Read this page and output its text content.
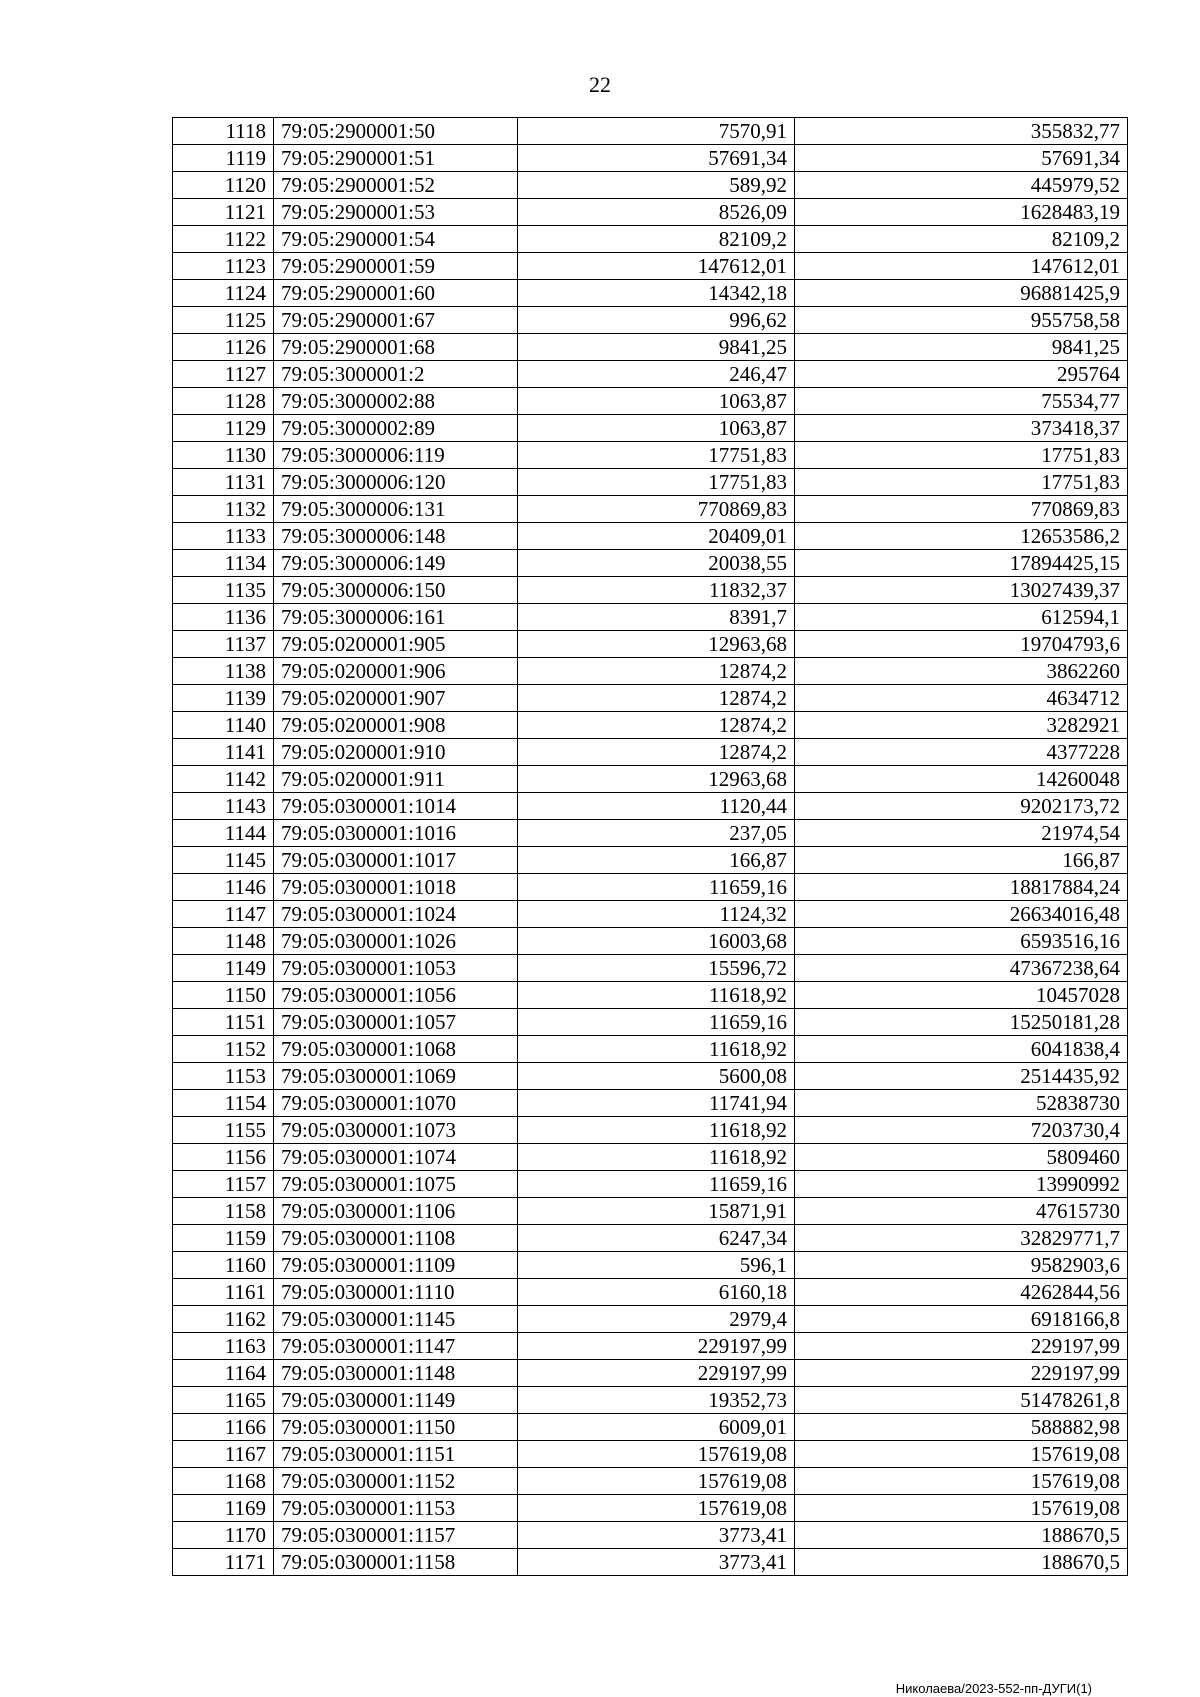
22
1118	79:05:2900001:50	7570,91	355832,77
1119	79:05:2900001:51	57691,34	57691,34
1120	79:05:2900001:52	589,92	445979,52
1121	79:05:2900001:53	8526,09	1628483,19
1122	79:05:2900001:54	82109,2	82109,2
1123	79:05:2900001:59	147612,01	147612,01
1124	79:05:2900001:60	14342,18	96881425,9
1125	79:05:2900001:67	996,62	955758,58
1126	79:05:2900001:68	9841,25	9841,25
1127	79:05:3000001:2	246,47	295764
1128	79:05:3000002:88	1063,87	75534,77
1129	79:05:3000002:89	1063,87	373418,37
1130	79:05:3000006:119	17751,83	17751,83
1131	79:05:3000006:120	17751,83	17751,83
1132	79:05:3000006:131	770869,83	770869,83
1133	79:05:3000006:148	20409,01	12653586,2
1134	79:05:3000006:149	20038,55	17894425,15
1135	79:05:3000006:150	11832,37	13027439,37
1136	79:05:3000006:161	8391,7	612594,1
1137	79:05:0200001:905	12963,68	19704793,6
1138	79:05:0200001:906	12874,2	3862260
1139	79:05:0200001:907	12874,2	4634712
1140	79:05:0200001:908	12874,2	3282921
1141	79:05:0200001:910	12874,2	4377228
1142	79:05:0200001:911	12963,68	14260048
1143	79:05:0300001:1014	1120,44	9202173,72
1144	79:05:0300001:1016	237,05	21974,54
1145	79:05:0300001:1017	166,87	166,87
1146	79:05:0300001:1018	11659,16	18817884,24
1147	79:05:0300001:1024	1124,32	26634016,48
1148	79:05:0300001:1026	16003,68	6593516,16
1149	79:05:0300001:1053	15596,72	47367238,64
1150	79:05:0300001:1056	11618,92	10457028
1151	79:05:0300001:1057	11659,16	15250181,28
1152	79:05:0300001:1068	11618,92	6041838,4
1153	79:05:0300001:1069	5600,08	2514435,92
1154	79:05:0300001:1070	11741,94	52838730
1155	79:05:0300001:1073	11618,92	7203730,4
1156	79:05:0300001:1074	11618,92	5809460
1157	79:05:0300001:1075	11659,16	13990992
1158	79:05:0300001:1106	15871,91	47615730
1159	79:05:0300001:1108	6247,34	32829771,7
1160	79:05:0300001:1109	596,1	9582903,6
1161	79:05:0300001:1110	6160,18	4262844,56
1162	79:05:0300001:1145	2979,4	6918166,8
1163	79:05:0300001:1147	229197,99	229197,99
1164	79:05:0300001:1148	229197,99	229197,99
1165	79:05:0300001:1149	19352,73	51478261,8
1166	79:05:0300001:1150	6009,01	588882,98
1167	79:05:0300001:1151	157619,08	157619,08
1168	79:05:0300001:1152	157619,08	157619,08
1169	79:05:0300001:1153	157619,08	157619,08
1170	79:05:0300001:1157	3773,41	188670,5
1171	79:05:0300001:1158	3773,41	188670,5
Николаева/2023-552-пп-ДУГИ(1)
